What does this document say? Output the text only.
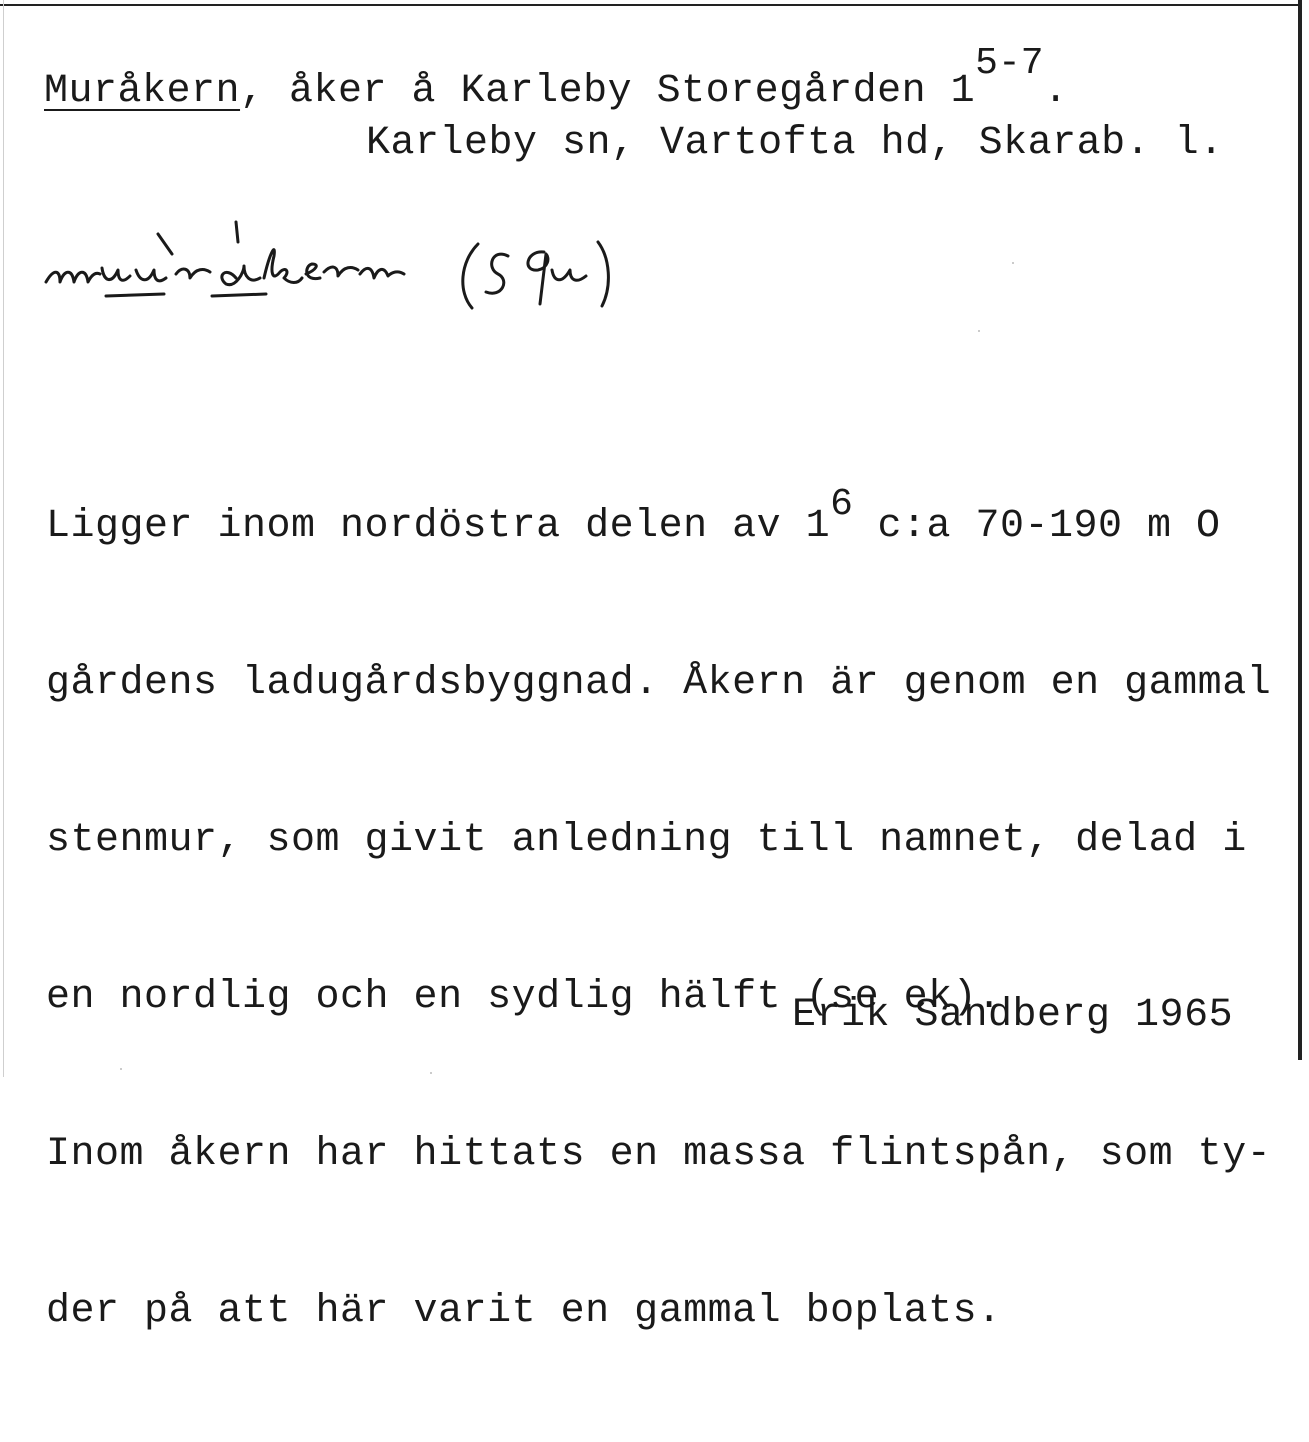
Muråkern, åker å Karleby Storegården 15-7.
Karleby sn, Vartofta hd, Skarab. l.
muråkern (Sgu)

Ligger inom nordöstra delen av 16 c:a 70-190 m O

gårdens ladugårdsbyggnad. Åkern är genom en gammal

stenmur, som givit anledning till namnet, delad i

en nordlig och en sydlig hälft (se ek).

Inom åkern har hittats en massa flintspån, som ty-

der på att här varit en gammal boplats.

Erik Sandberg 1965
